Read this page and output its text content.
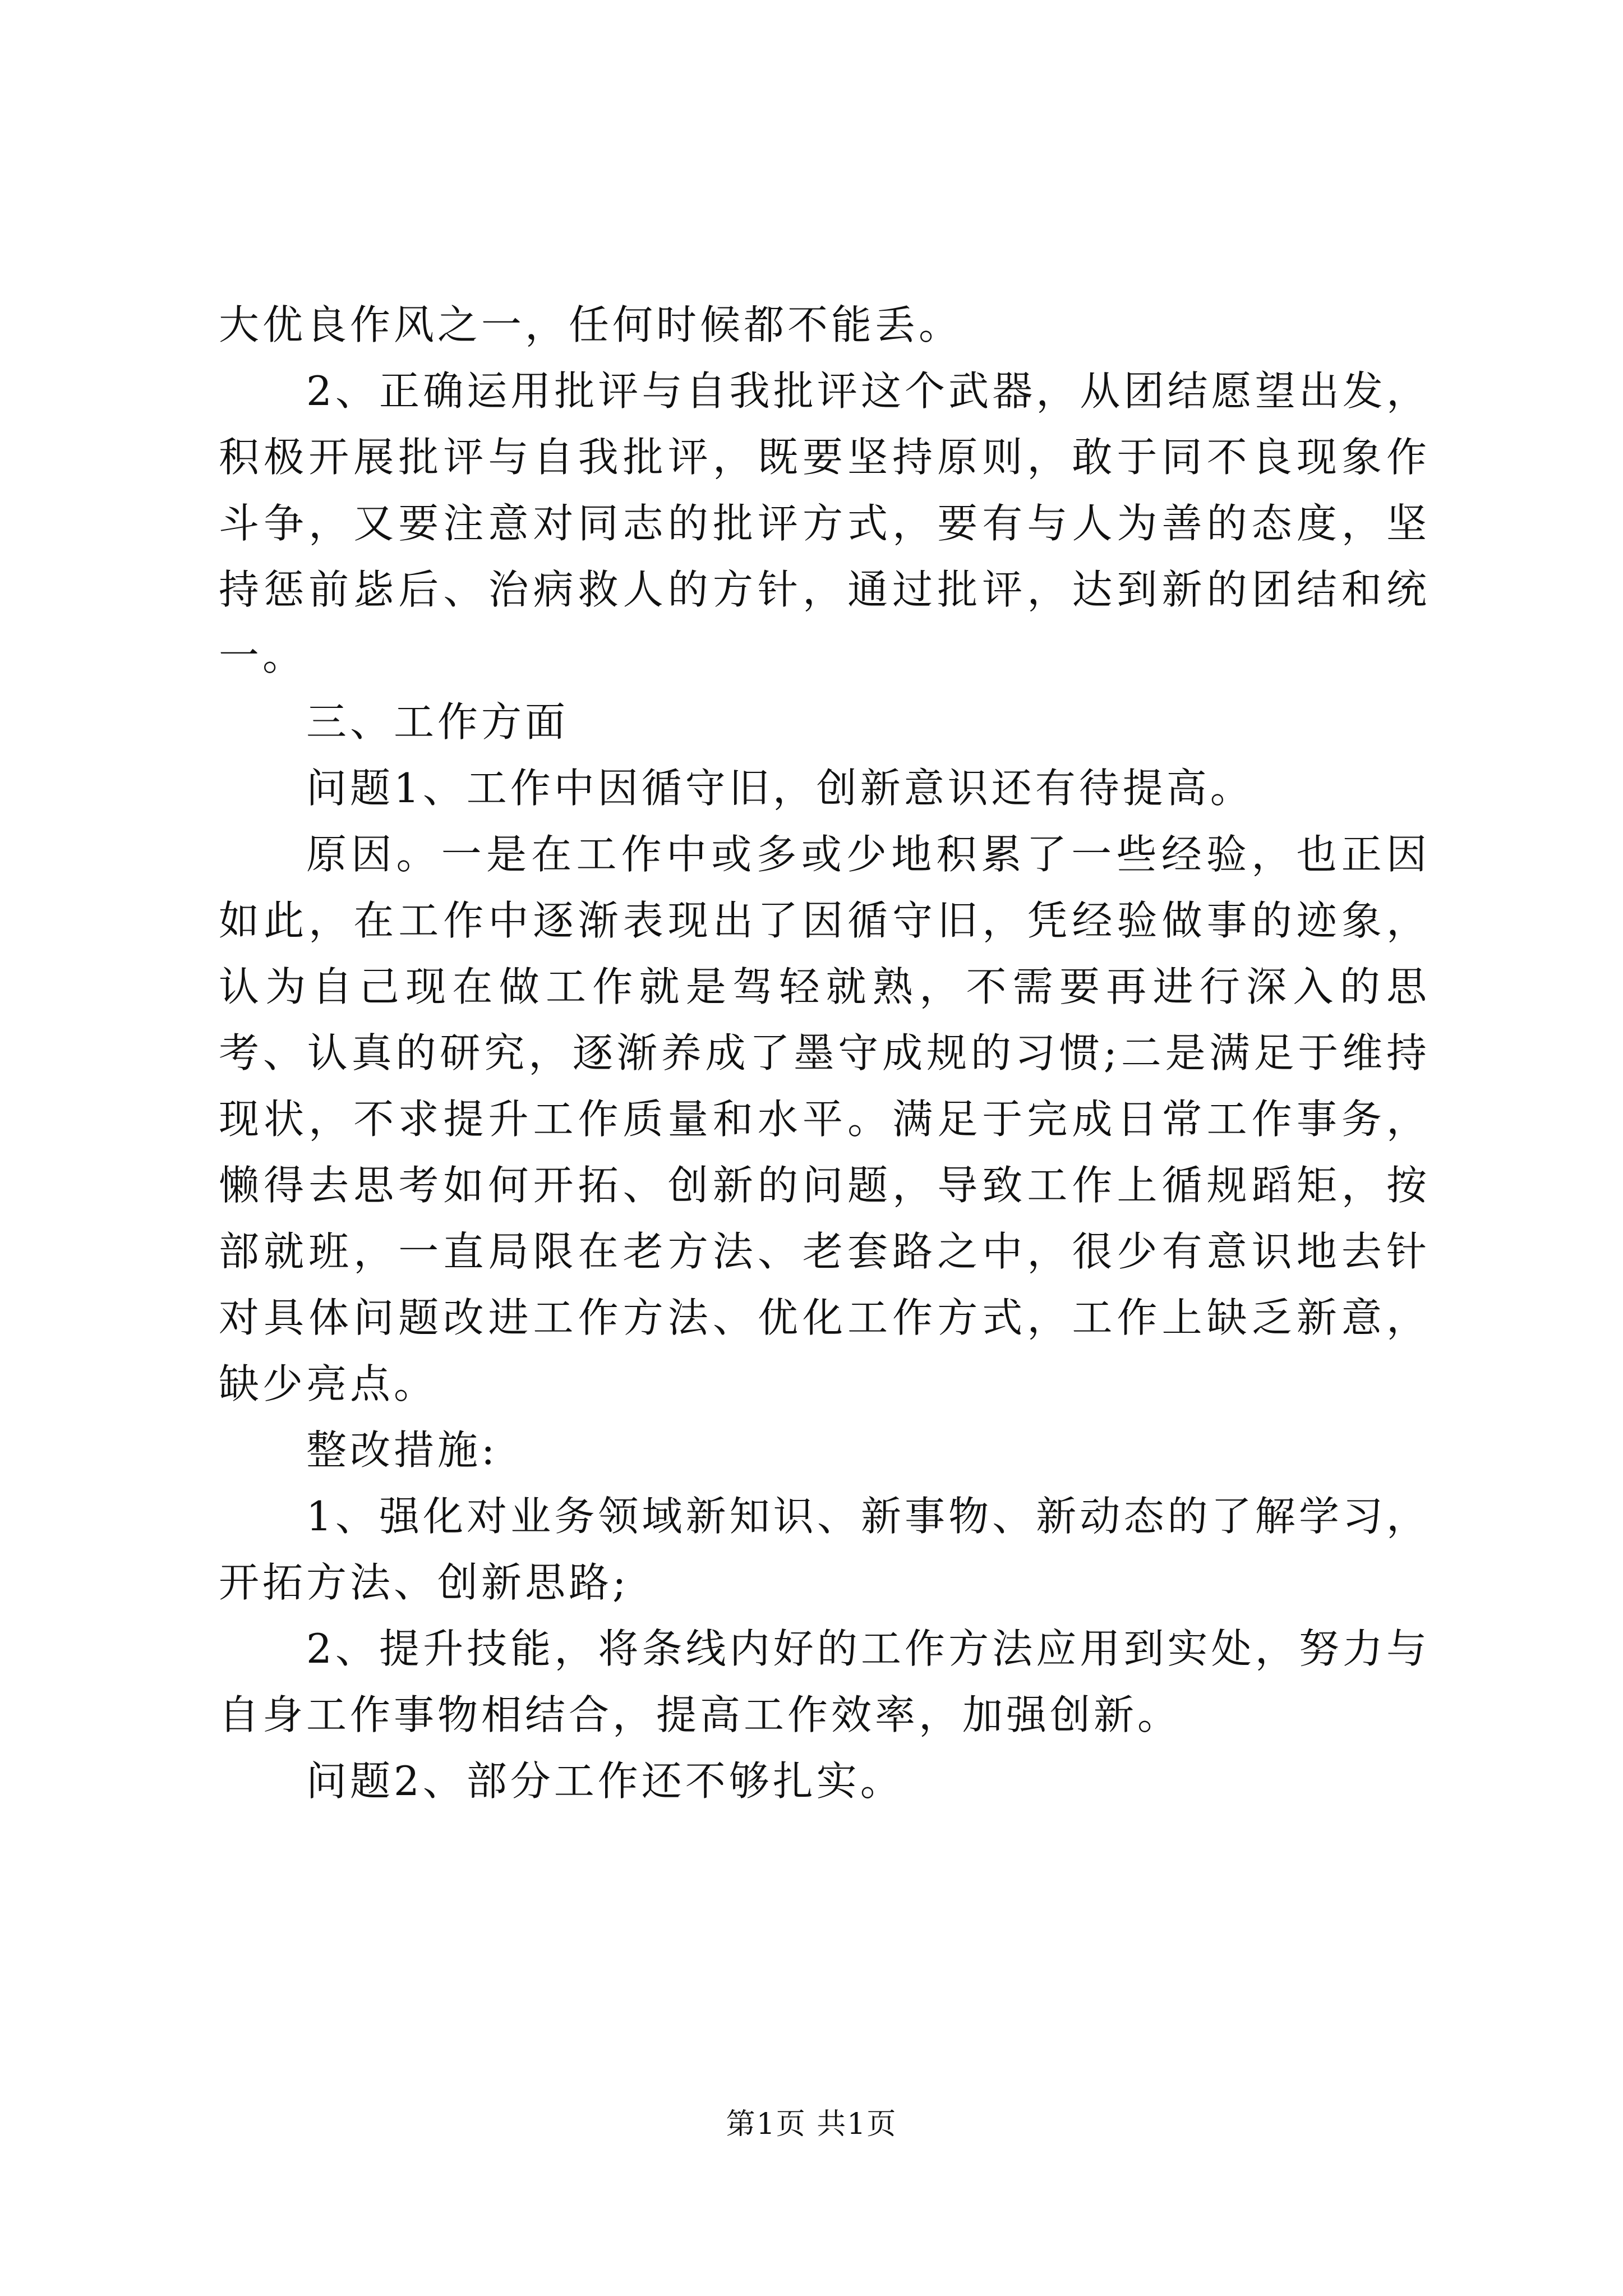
大优良作风之一，任何时候都不能丢。

2、正确运用批评与自我批评这个武器，从团结愿望出发，积极开展批评与自我批评，既要坚持原则，敢于同不良现象作斗争，又要注意对同志的批评方式，要有与人为善的态度，坚持惩前毖后、治病救人的方针，通过批评，达到新的团结和统一。

三、工作方面

问题1、工作中因循守旧，创新意识还有待提高。

原因。一是在工作中或多或少地积累了一些经验，也正因如此，在工作中逐渐表现出了因循守旧，凭经验做事的迹象，认为自己现在做工作就是驾轻就熟，不需要再进行深入的思考、认真的研究，逐渐养成了墨守成规的习惯;二是满足于维持现状，不求提升工作质量和水平。满足于完成日常工作事务，懒得去思考如何开拓、创新的问题，导致工作上循规蹈矩，按部就班，一直局限在老方法、老套路之中，很少有意识地去针对具体问题改进工作方法、优化工作方式，工作上缺乏新意，缺少亮点。

整改措施:

1、强化对业务领域新知识、新事物、新动态的了解学习，开拓方法、创新思路;

2、提升技能，将条线内好的工作方法应用到实处，努力与自身工作事物相结合，提高工作效率，加强创新。

问题2、部分工作还不够扎实。

第1页 共1页
